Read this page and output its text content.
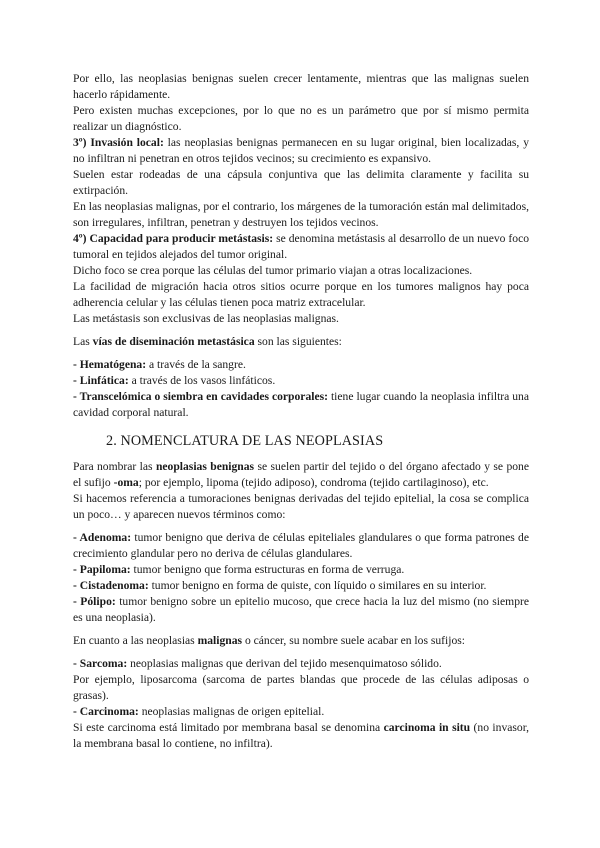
Por ello, las neoplasias benignas suelen crecer lentamente, mientras que las malignas suelen hacerlo rápidamente.

Pero existen muchas excepciones, por lo que no es un parámetro que por sí mismo permita realizar un diagnóstico.

3º) Invasión local: las neoplasias benignas permanecen en su lugar original, bien localizadas, y no infiltran ni penetran en otros tejidos vecinos; su crecimiento es expansivo.

Suelen estar rodeadas de una cápsula conjuntiva que las delimita claramente y facilita su extirpación.

En las neoplasias malignas, por el contrario, los márgenes de la tumoración están mal delimitados, son irregulares, infiltran, penetran y destruyen los tejidos vecinos.

4º) Capacidad para producir metástasis: se denomina metástasis al desarrollo de un nuevo foco tumoral en tejidos alejados del tumor original.

Dicho foco se crea porque las células del tumor primario viajan a otras localizaciones.

La facilidad de migración hacia otros sitios ocurre porque en los tumores malignos hay poca adherencia celular y las células tienen poca matriz extracelular.

Las metástasis son exclusivas de las neoplasias malignas.

Las vías de diseminación metastásica son las siguientes:

- Hematógena: a través de la sangre.

- Linfática: a través de los vasos linfáticos.

- Transcelómica o siembra en cavidades corporales: tiene lugar cuando la neoplasia infiltra una cavidad corporal natural.

2. NOMENCLATURA DE LAS NEOPLASIAS

Para nombrar las neoplasias benignas se suelen partir del tejido o del órgano afectado y se pone el sufijo -oma; por ejemplo, lipoma (tejido adiposo), condroma (tejido cartilaginoso), etc.

Si hacemos referencia a tumoraciones benignas derivadas del tejido epitelial, la cosa se complica un poco… y aparecen nuevos términos como:

- Adenoma: tumor benigno que deriva de células epiteliales glandulares o que forma patrones de crecimiento glandular pero no deriva de células glandulares.

- Papiloma: tumor benigno que forma estructuras en forma de verruga.

- Cistadenoma: tumor benigno en forma de quiste, con líquido o similares en su interior.

- Pólipo: tumor benigno sobre un epitelio mucoso, que crece hacia la luz del mismo (no siempre es una neoplasia).

En cuanto a las neoplasias malignas o cáncer, su nombre suele acabar en los sufijos:

- Sarcoma: neoplasias malignas que derivan del tejido mesenquimatoso sólido.

Por ejemplo, liposarcoma (sarcoma de partes blandas que procede de las células adiposas o grasas).

- Carcinoma: neoplasias malignas de origen epitelial.

Si este carcinoma está limitado por membrana basal se denomina carcinoma in situ (no invasor, la membrana basal lo contiene, no infiltra).
